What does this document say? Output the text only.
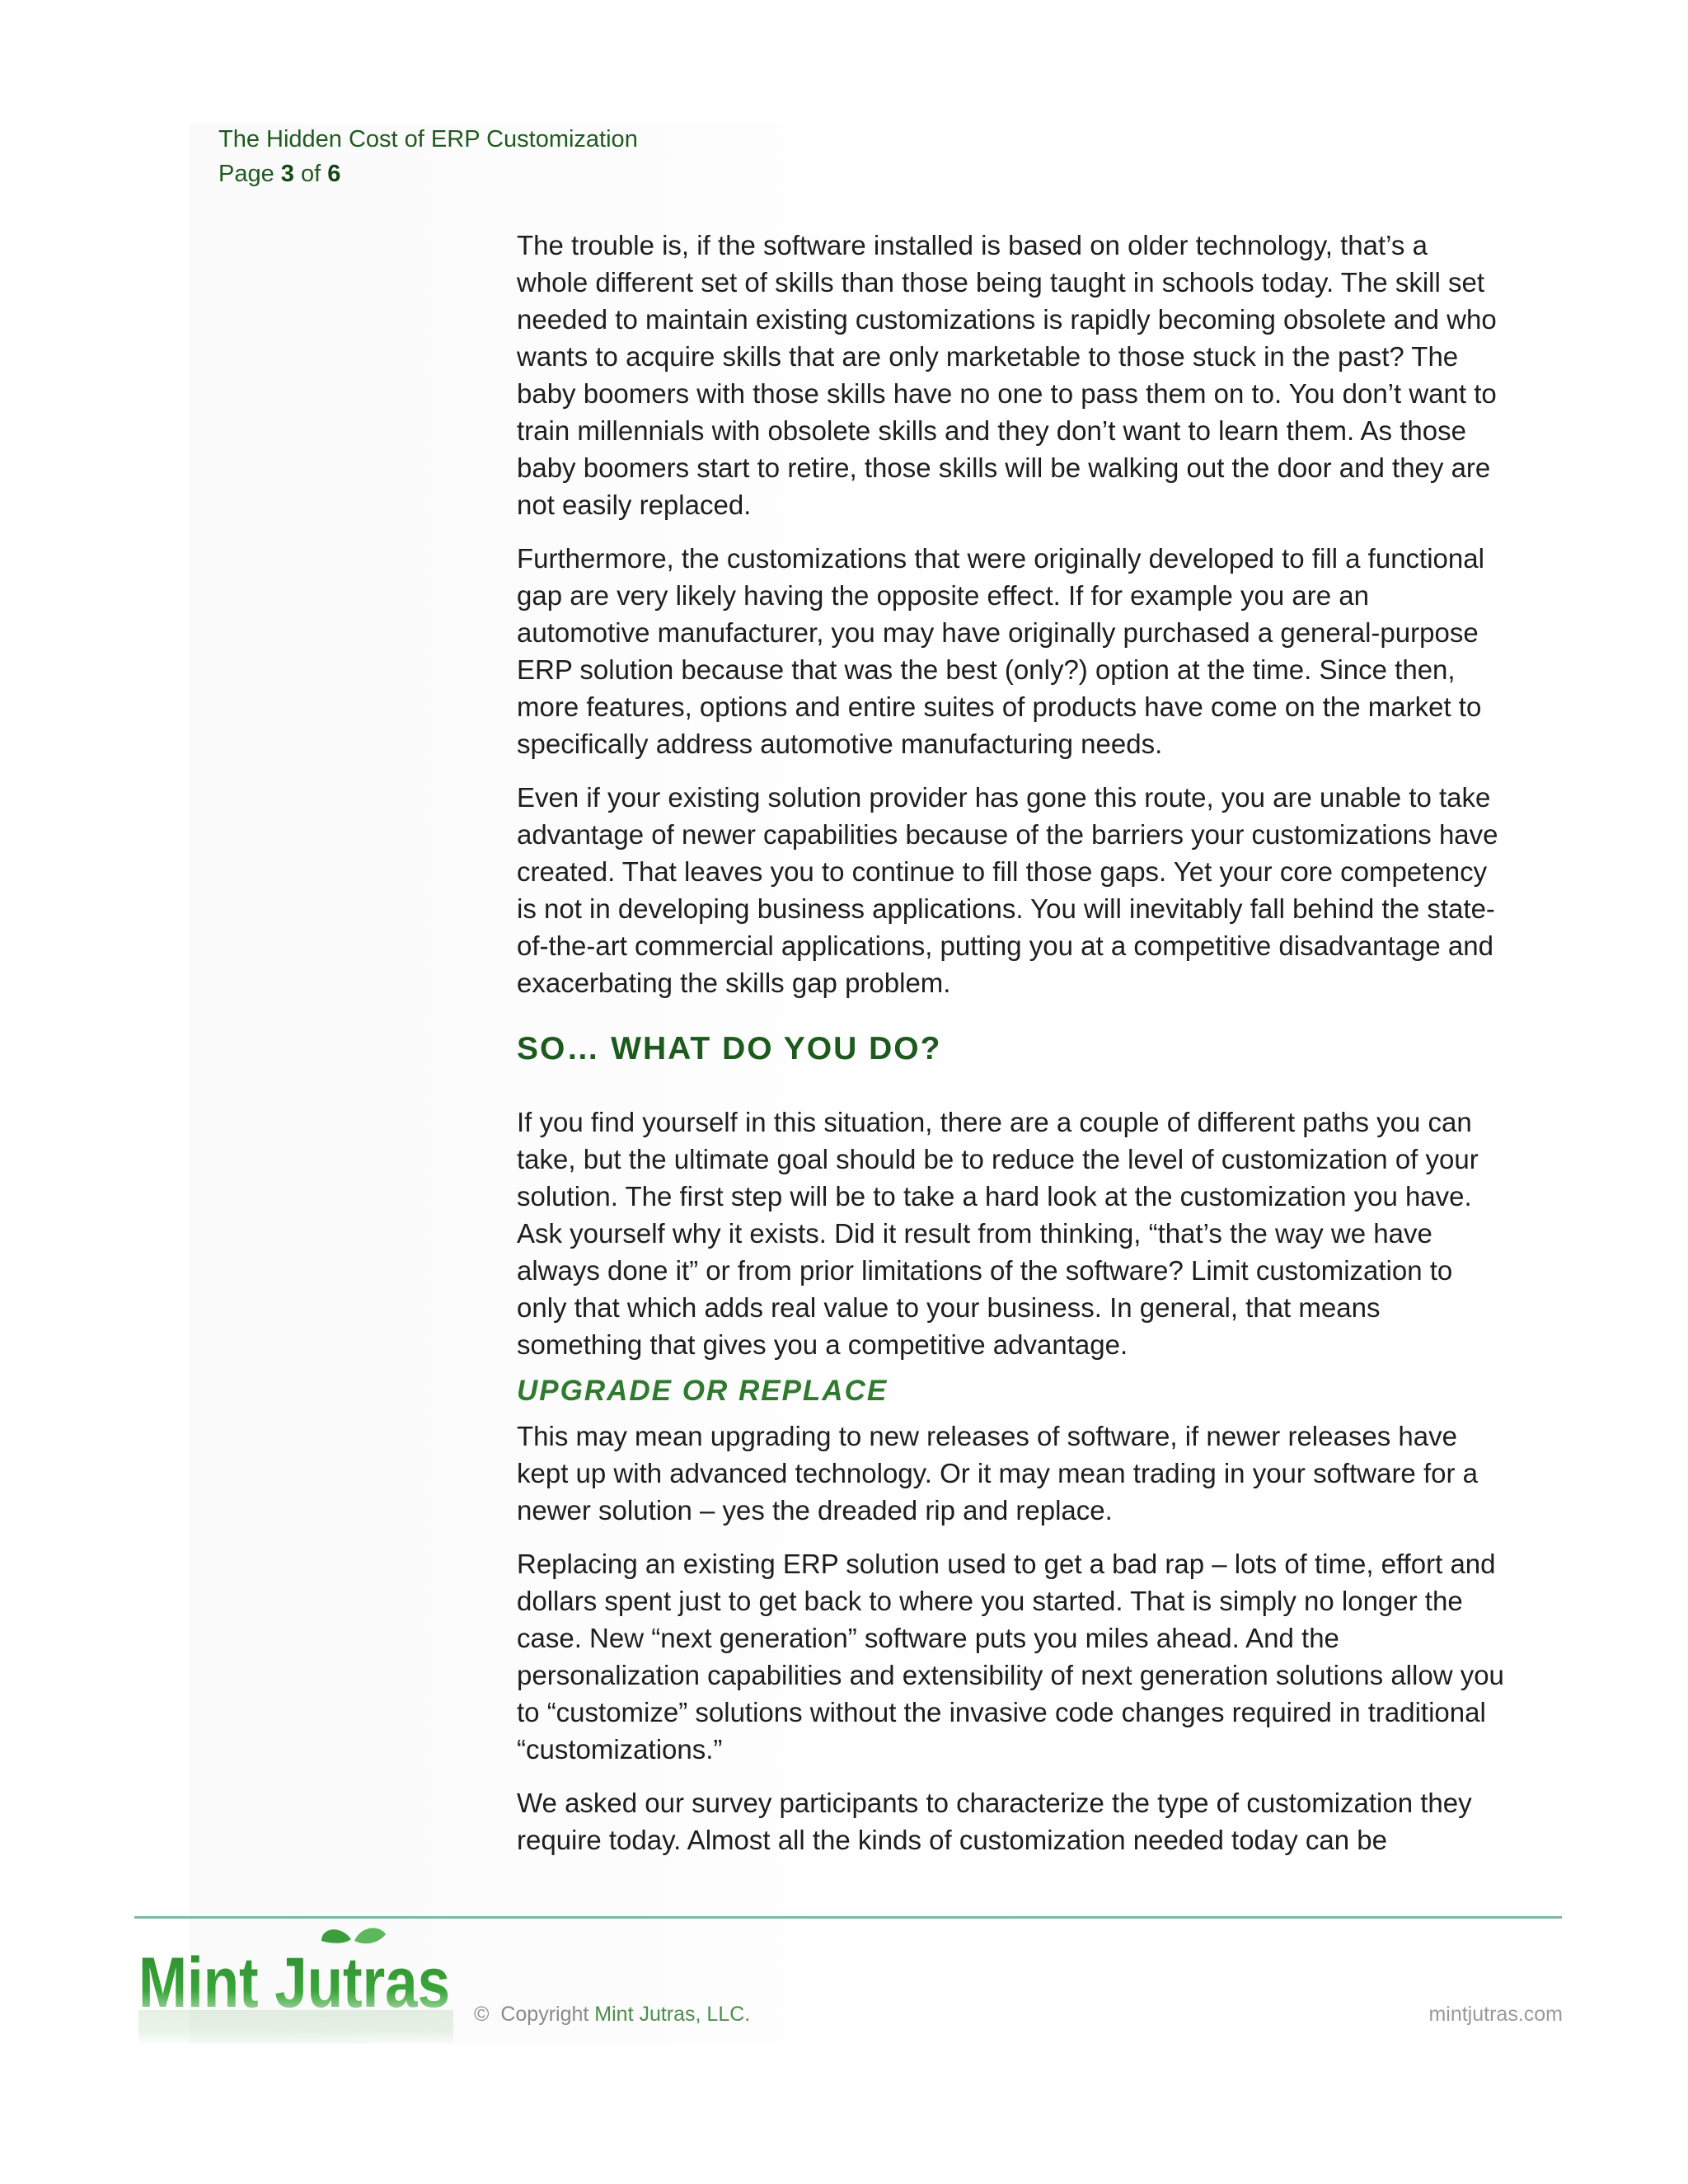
The Hidden Cost of ERP Customization
Page 3 of 6

The trouble is, if the software installed is based on older technology, that’s a whole different set of skills than those being taught in schools today. The skill set needed to maintain existing customizations is rapidly becoming obsolete and who wants to acquire skills that are only marketable to those stuck in the past? The baby boomers with those skills have no one to pass them on to. You don’t want to train millennials with obsolete skills and they don’t want to learn them. As those baby boomers start to retire, those skills will be walking out the door and they are not easily replaced.

Furthermore, the customizations that were originally developed to fill a functional gap are very likely having the opposite effect. If for example you are an automotive manufacturer, you may have originally purchased a general-purpose ERP solution because that was the best (only?) option at the time. Since then, more features, options and entire suites of products have come on the market to specifically address automotive manufacturing needs.

Even if your existing solution provider has gone this route, you are unable to take advantage of newer capabilities because of the barriers your customizations have created. That leaves you to continue to fill those gaps. Yet your core competency is not in developing business applications. You will inevitably fall behind the state-of-the-art commercial applications, putting you at a competitive disadvantage and exacerbating the skills gap problem.

SO… WHAT DO YOU DO?

If you find yourself in this situation, there are a couple of different paths you can take, but the ultimate goal should be to reduce the level of customization of your solution. The first step will be to take a hard look at the customization you have. Ask yourself why it exists. Did it result from thinking, “that’s the way we have always done it” or from prior limitations of the software? Limit customization to only that which adds real value to your business. In general, that means something that gives you a competitive advantage.

UPGRADE OR REPLACE

This may mean upgrading to new releases of software, if newer releases have kept up with advanced technology. Or it may mean trading in your software for a newer solution – yes the dreaded rip and replace.

Replacing an existing ERP solution used to get a bad rap – lots of time, effort and dollars spent just to get back to where you started. That is simply no longer the case. New “next generation” software puts you miles ahead. And the personalization capabilities and extensibility of next generation solutions allow you to “customize” solutions without the invasive code changes required in traditional “customizations.”

We asked our survey participants to characterize the type of customization they require today. Almost all the kinds of customization needed today can be

Mint Jutras © Copyright Mint Jutras, LLC.	mintjutras.com
